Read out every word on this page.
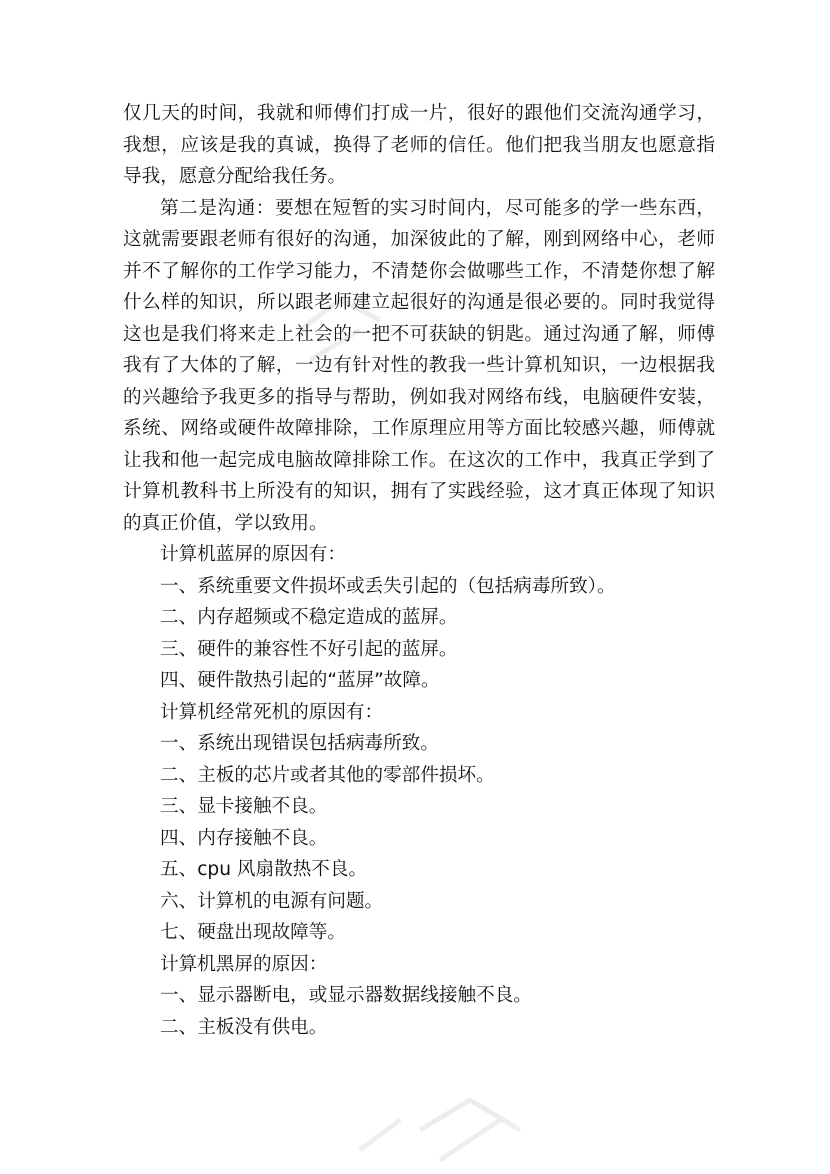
仅几天的时间，我就和师傅们打成一片，很好的跟他们交流沟通学习，我想，应该是我的真诚，换得了老师的信任。他们把我当朋友也愿意指导我，愿意分配给我任务。

第二是沟通：要想在短暂的实习时间内，尽可能多的学一些东西，这就需要跟老师有很好的沟通，加深彼此的了解，刚到网络中心，老师并不了解你的工作学习能力，不清楚你会做哪些工作，不清楚你想了解什么样的知识，所以跟老师建立起很好的沟通是很必要的。同时我觉得这也是我们将来走上社会的一把不可获缺的钥匙。通过沟通了解，师傅我有了大体的了解，一边有针对性的教我一些计算机知识，一边根据我的兴趣给予我更多的指导与帮助，例如我对网络布线，电脑硬件安装，系统、网络或硬件故障排除，工作原理应用等方面比较感兴趣，师傅就让我和他一起完成电脑故障排除工作。在这次的工作中，我真正学到了计算机教科书上所没有的知识，拥有了实践经验，这才真正体现了知识的真正价值，学以致用。

计算机蓝屏的原因有：

一、系统重要文件损坏或丢失引起的（包括病毒所致）。

二、内存超频或不稳定造成的蓝屏。

三、硬件的兼容性不好引起的蓝屏。

四、硬件散热引起的“蓝屏”故障。

计算机经常死机的原因有：

一、系统出现错误包括病毒所致。

二、主板的芯片或者其他的零部件损坏。

三、显卡接触不良。

四、内存接触不良。

五、cpu 风扇散热不良。

六、计算机的电源有问题。

七、硬盘出现故障等。

计算机黑屏的原因：

一、显示器断电，或显示器数据线接触不良。

二、主板没有供电。
